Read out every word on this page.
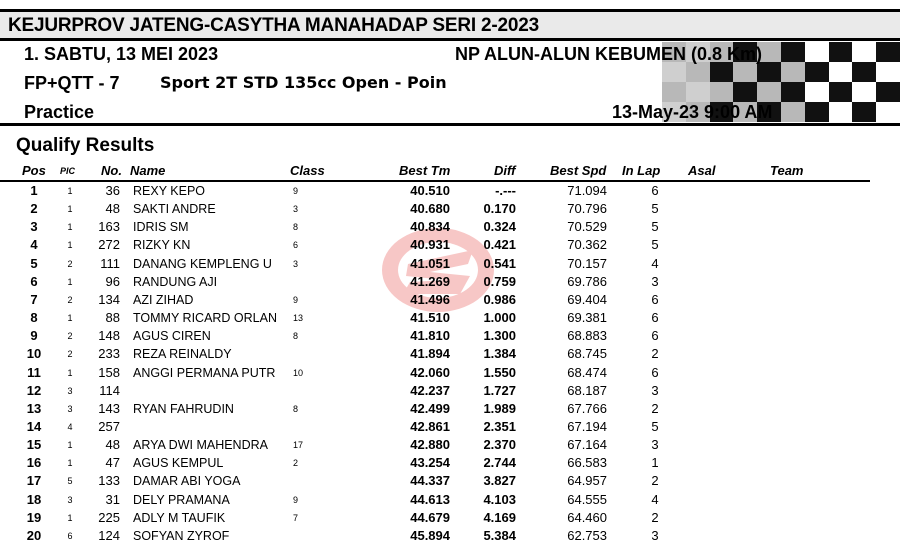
KEJURPROV JATENG-CASYTHA MANAHADAP SERI 2-2023
1. SABTU, 13 MEI 2023	NP ALUN-ALUN KEBUMEN (0.8 Km)
FP+QTT - 7	Sport 2T STD 135cc Open - Poin
Practice	13-May-23 9:00 AM
Qualify Results
Pos PIC No. Name	Class	Best Tm	Diff	Best Spd In Lap Asal	Team
1	1	36 REXY KEPO	9	40.510	-.---	71.094	6
2	1	48 SAKTI ANDRE	3	40.680	0.170	70.796	5
3	1	163 IDRIS SM	8	40.834	0.324	70.529	5
4	1	272 RIZKY KN	6	40.931	0.421	70.362	5
5	2	111 DANANG KEMPLENG U	3	41.051	0.541	70.157	4
6	1	96 RANDUNG AJI	41.269	0.759	69.786	3
7	2	134 AZI ZIHAD	9	41.496	0.986	69.404	6
8	1	88 TOMMY RICARD ORLAN	13	41.510	1.000	69.381	6
9	2	148 AGUS CIREN	8	41.810	1.300	68.883	6
10	2	233 REZA REINALDY	41.894	1.384	68.745	2
11	1	158 ANGGI PERMANA PUTR	10	42.060	1.550	68.474	6
12	3	114	42.237	1.727	68.187	3
13	3	143 RYAN FAHRUDIN	8	42.499	1.989	67.766	2
14	4	257	42.861	2.351	67.194	5
15	1	48 ARYA DWI MAHENDRA	17	42.880	2.370	67.164	3
16	1	47 AGUS KEMPUL	2	43.254	2.744	66.583	1
17	5	133 DAMAR ABI YOGA	44.337	3.827	64.957	2
18	3	31 DELY PRAMANA	9	44.613	4.103	64.555	4
19	1	225 ADLY M TAUFIK	7	44.679	4.169	64.460	2
20	6	124 SOFYAN ZYROF	45.894	5.384	62.753	3
